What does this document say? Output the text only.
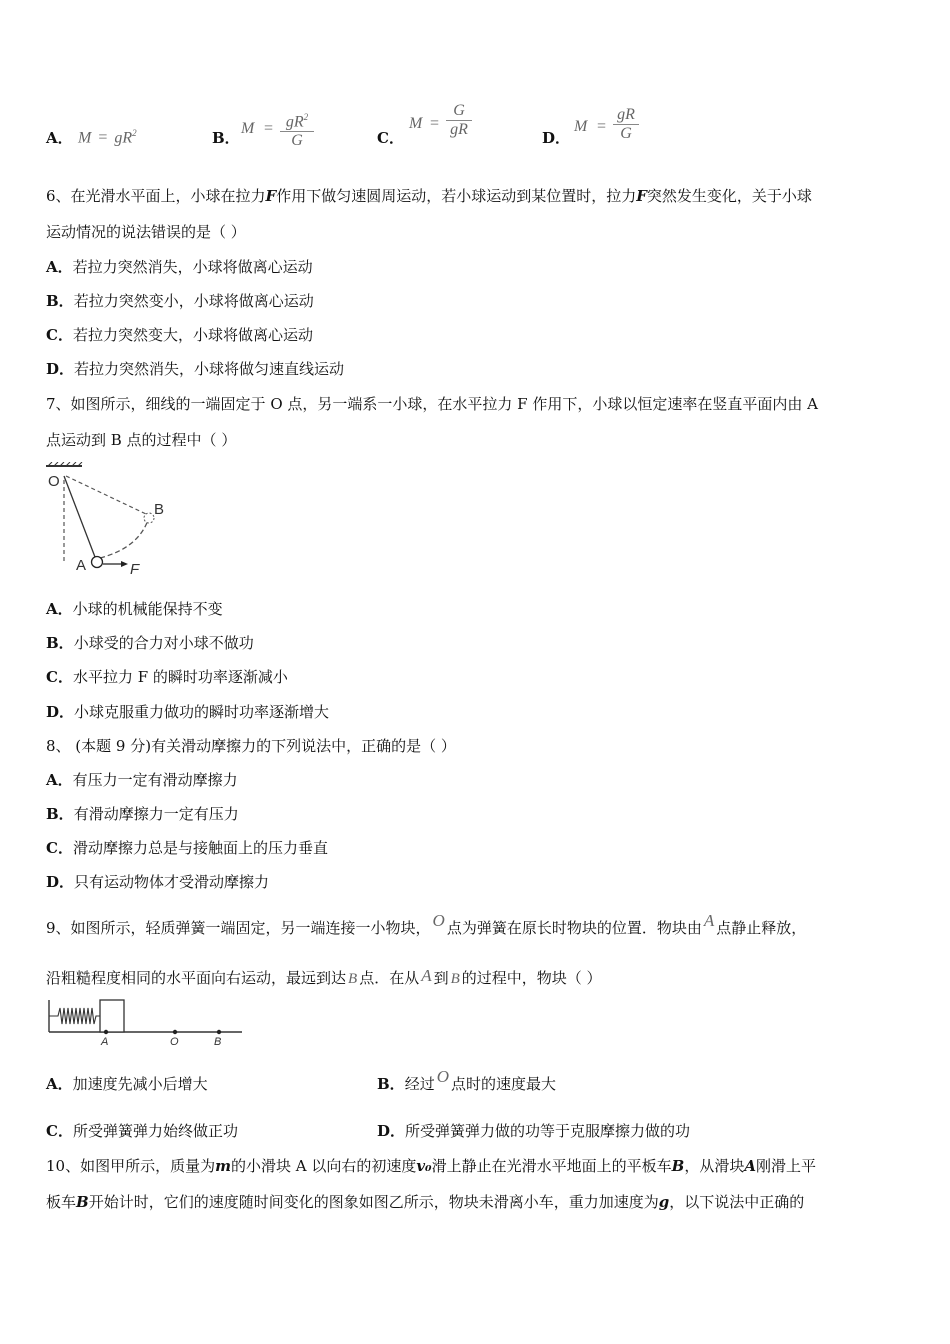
A． $M = gR^2$	B．
$M = gR^2$
G	C．
M =
G
gR	D．
M =
gR
G
6、在光滑水平面上，小球在拉力F作用下做匀速圆周运动，若小球运动到某位置时，拉力F突然发生变化，关于小球
运动情况的说法错误的是（ ）
A．若拉力突然消失，小球将做离心运动
B．若拉力突然变小，小球将做离心运动
C．若拉力突然变大，小球将做离心运动
D．若拉力突然消失，小球将做匀速直线运动
7、如图所示，细线的一端固定于 O 点，另一端系一小球，在水平拉力 F 作用下，小球以恒定速率在竖直平面内由 A
点运动到 B 点的过程中（ ）
O
A
B
F
A．小球的机械能保持不变
B．小球受的合力对小球不做功
C．水平拉力 F 的瞬时功率逐渐减小
D．小球克服重力做功的瞬时功率逐渐增大
8、 (本题 9 分)有关滑动摩擦力的下列说法中，正确的是（ ）
A．有压力一定有滑动摩擦力
B．有滑动摩擦力一定有压力
C．滑动摩擦力总是与接触面上的压力垂直
D．只有运动物体才受滑动摩擦力
9、如图所示，轻质弹簧一端固定，另一端连接一小物块， O 点为弹簧在原长时物块的位置．物块由 A 点静止释放，
沿粗糙程度相同的水平面向右运动，最远到达 B 点．在从 A 到 B 的过程中，物块（ ）
A	O	B
A．加速度先减小后增大	B．经过 O 点时的速度最大
C．所受弹簧弹力始终做正功	D．所受弹簧弹力做的功等于克服摩擦力做的功
10、如图甲所示，质量为m的小滑块 A 以向右的初速度v₀滑上静止在光滑水平地面上的平板车B，从滑块A刚滑上平
板车B开始计时，它们的速度随时间变化的图象如图乙所示，物块未滑离小车，重力加速度为g，以下说法中正确的
